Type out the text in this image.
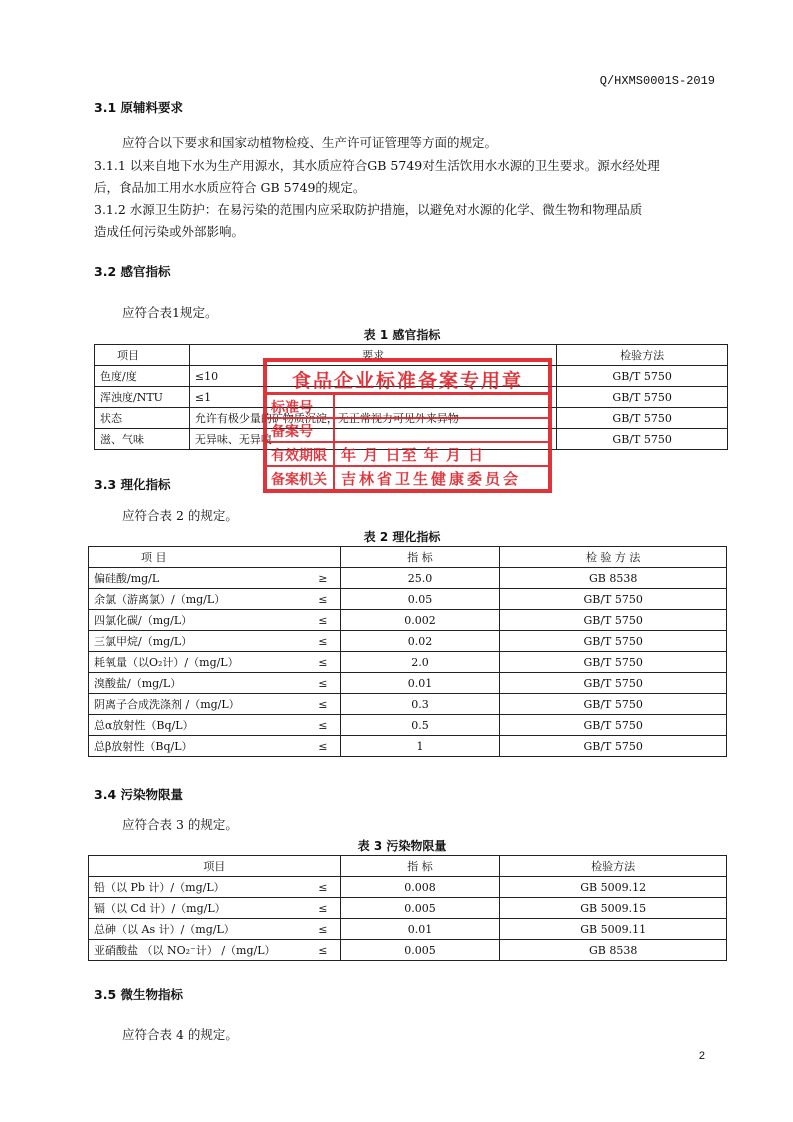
Q/HXMS0001S-2019
3.1 原辅料要求
应符合以下要求和国家动植物检疫、生产许可证管理等方面的规定。
3.1.1 以来自地下水为生产用源水，其水质应符合GB 5749对生活饮用水水源的卫生要求。源水经处理
后，食品加工用水水质应符合 GB 5749的规定。
3.1.2 水源卫生防护：在易污染的范围内应采取防护措施，以避免对水源的化学、微生物和物理品质
造成任何污染或外部影响。
3.2 感官指标
应符合表1规定。
表 1 感官指标
项目	要求	检验方法
色度/度	≤10	GB/T 5750
浑浊度/NTU	≤1	GB/T 5750
状态	允许有极少量的矿物质沉淀，无正常视力可见外来异物	GB/T 5750
滋、气味	无异味、无异嗅	GB/T 5750
食品企业标准备案专用章
标准号
备案号
有效期限 年 月 日至 年 月 日
备案机关 吉林省卫生健康委员会
3.3 理化指标
应符合表 2 的规定。
表 2 理化指标
项 目		指 标	检 验 方 法
偏硅酸/mg/L	≥	25.0	GB 8538
余氯（游离氯）/（mg/L）	≤	0.05	GB/T 5750
四氯化碳/（mg/L）	≤	0.002	GB/T 5750
三氯甲烷/（mg/L）	≤	0.02	GB/T 5750
耗氧量（以O₂计）/（mg/L）	≤	2.0	GB/T 5750
溴酸盐/（mg/L）	≤	0.01	GB/T 5750
阴离子合成洗涤剂 /（mg/L）	≤	0.3	GB/T 5750
总α放射性（Bq/L）	≤	0.5	GB/T 5750
总β放射性（Bq/L）	≤	1	GB/T 5750
3.4 污染物限量
应符合表 3 的规定。
表 3 污染物限量
项目		指 标	检验方法
铅（以 Pb 计）/（mg/L）	≤	0.008	GB 5009.12
镉（以 Cd 计）/（mg/L）	≤	0.005	GB 5009.15
总砷（以 As 计）/（mg/L）	≤	0.01	GB 5009.11
亚硝酸盐 （以 NO₂⁻计） /（mg/L）	≤	0.005	GB 8538
3.5 微生物指标
应符合表 4 的规定。
2
